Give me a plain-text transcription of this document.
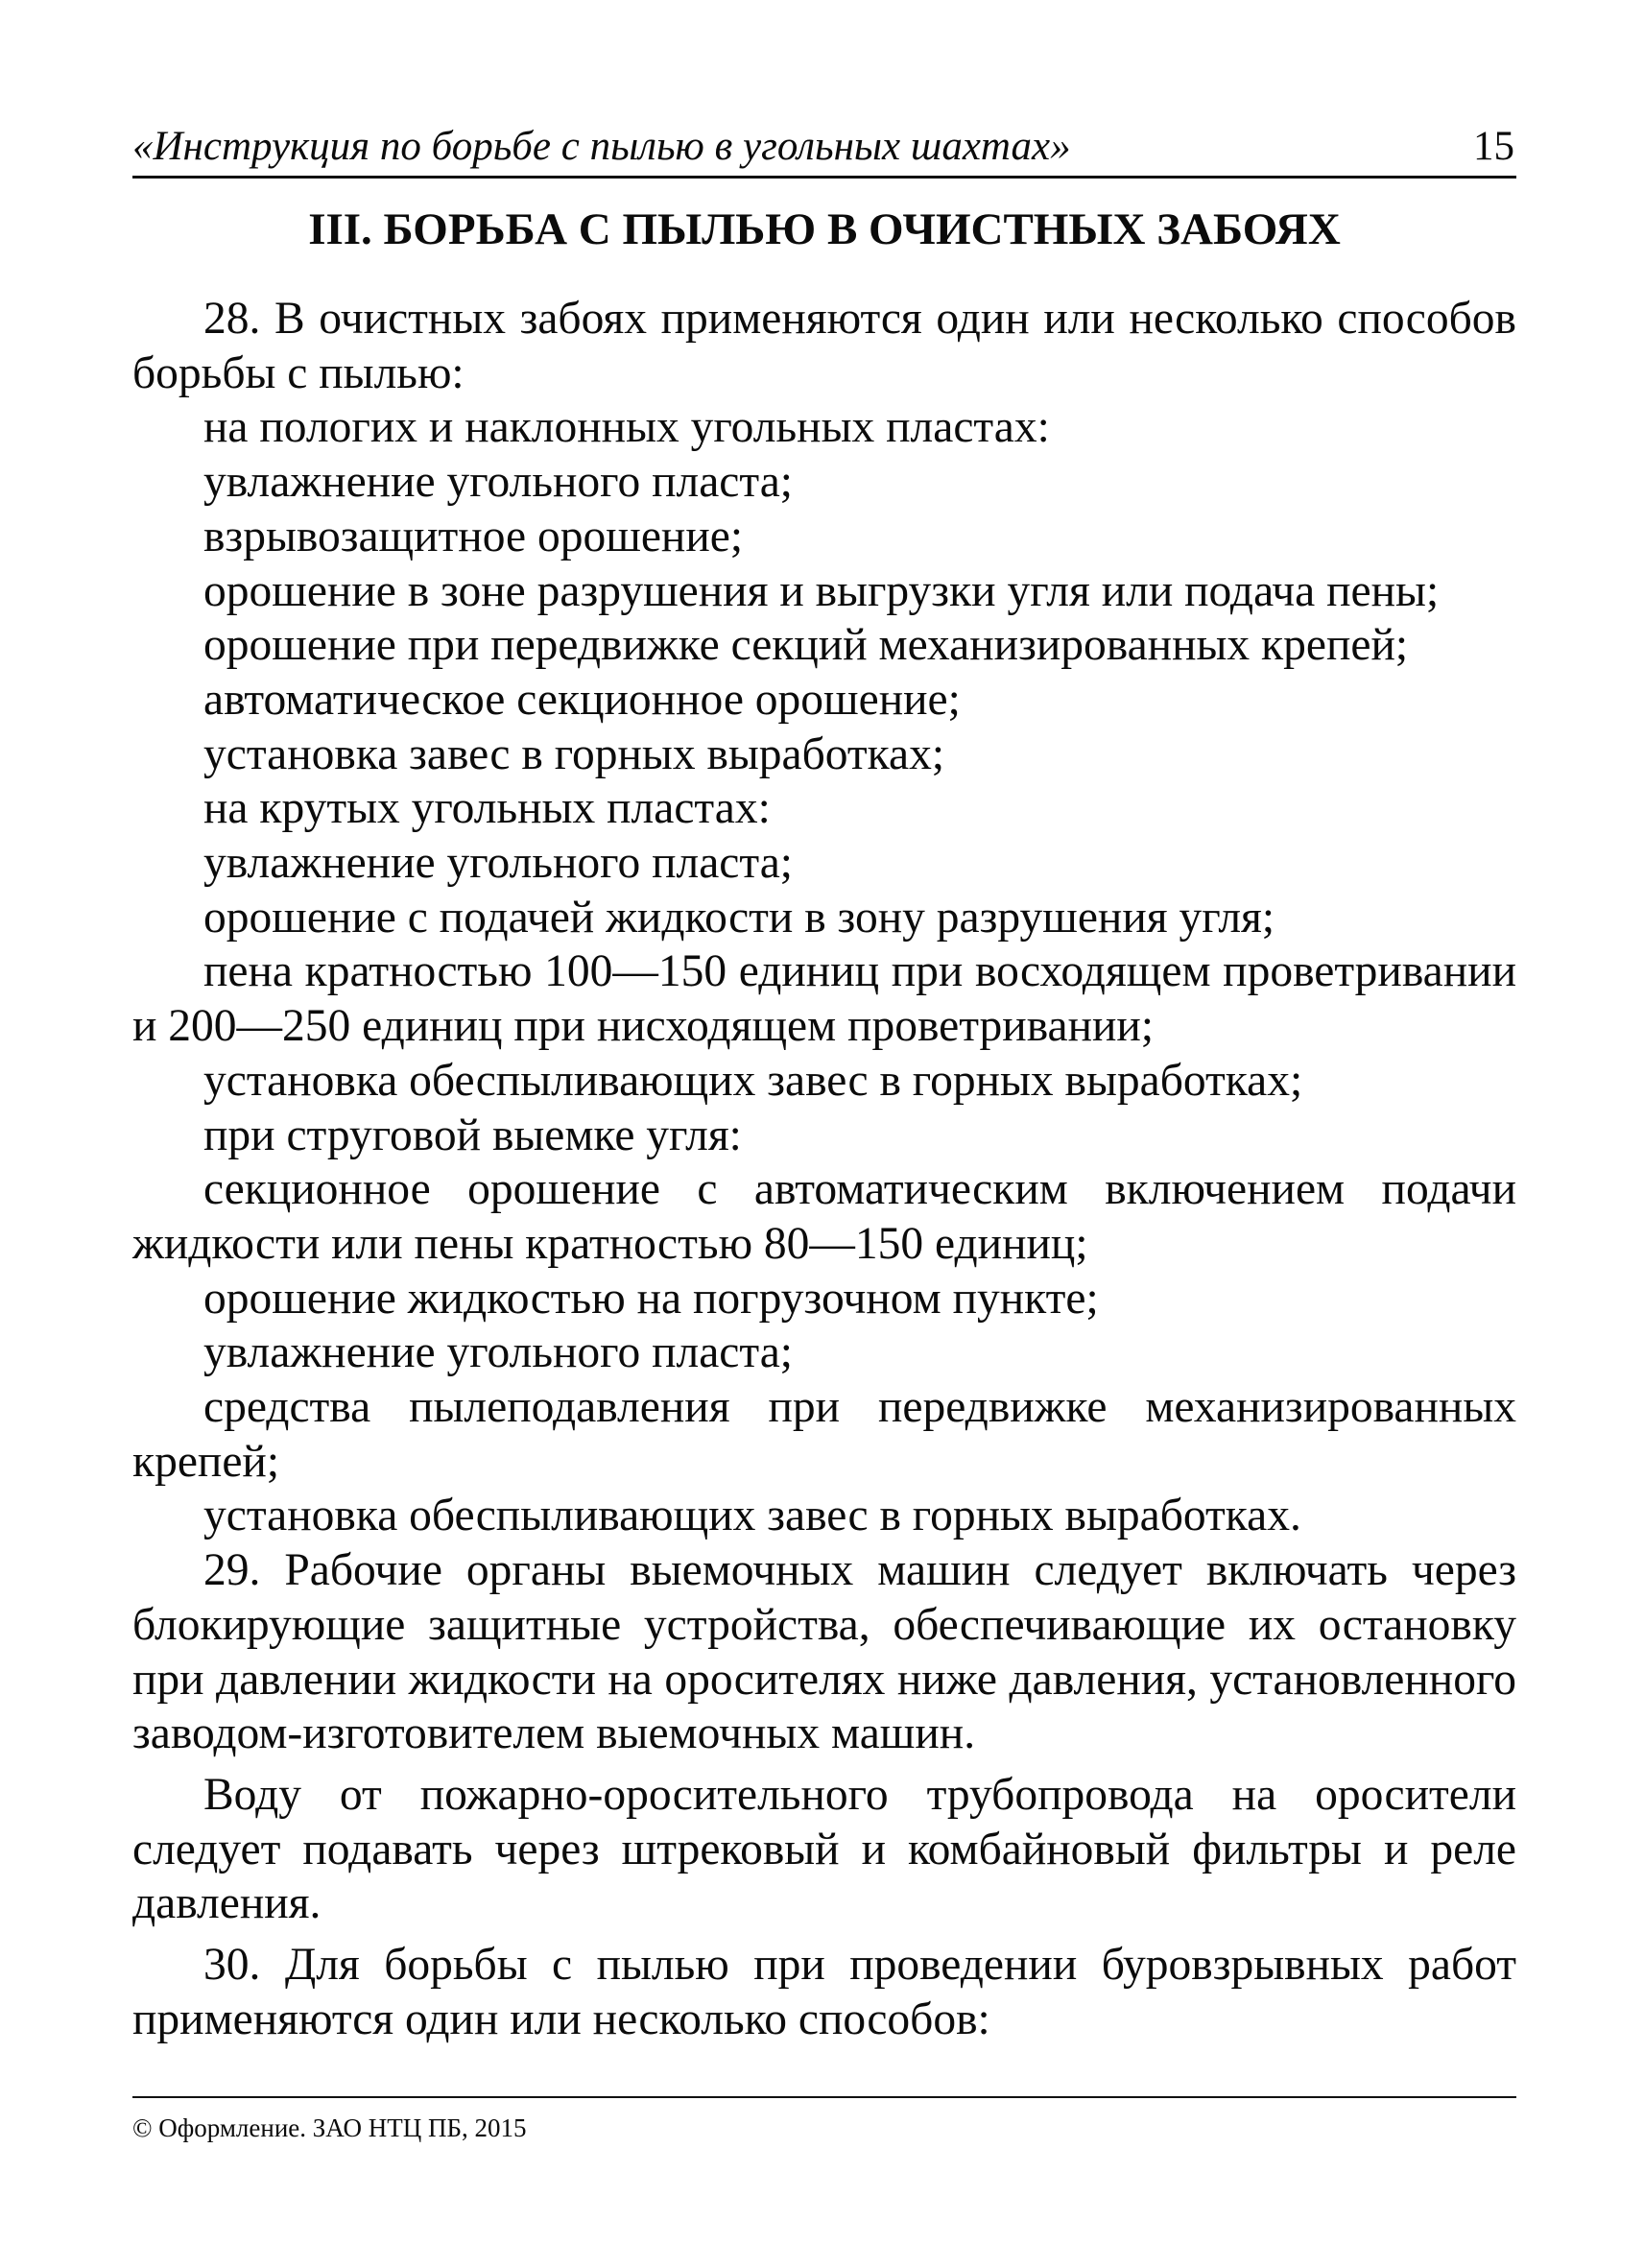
«Инструкция по борьбе с пылью в угольных шахтах»	15
III. БОРЬБА С ПЫЛЬЮ В ОЧИСТНЫХ ЗАБОЯХ

28. В очистных забоях применяются один или несколько способов борьбы с пылью:

на пологих и наклонных угольных пластах:

увлажнение угольного пласта;

взрывозащитное орошение;

орошение в зоне разрушения и выгрузки угля или подача пены;

орошение при передвижке секций механизированных крепей;

автоматическое секционное орошение;

установка завес в горных выработках;

на крутых угольных пластах:

увлажнение угольного пласта;

орошение с подачей жидкости в зону разрушения угля;

пена кратностью 100—150 единиц при восходящем проветривании и 200—250 единиц при нисходящем проветривании;

установка обеспыливающих завес в горных выработках;

при струговой выемке угля:

секционное орошение с автоматическим включением подачи жидкости или пены кратностью 80—150 единиц;

орошение жидкостью на погрузочном пункте;

увлажнение угольного пласта;

средства пылеподавления при передвижке механизированных крепей;

установка обеспыливающих завес в горных выработках.

29. Рабочие органы выемочных машин следует включать через блокирующие защитные устройства, обеспечивающие их остановку при давлении жидкости на оросителях ниже давления, установленного заводом-изготовителем выемочных машин.

Воду от пожарно-оросительного трубопровода на оросители следует подавать через штрековый и комбайновый фильтры и реле давления.

30. Для борьбы с пылью при проведении буровзрывных работ применяются один или несколько способов:

© Оформление. ЗАО НТЦ ПБ, 2015
